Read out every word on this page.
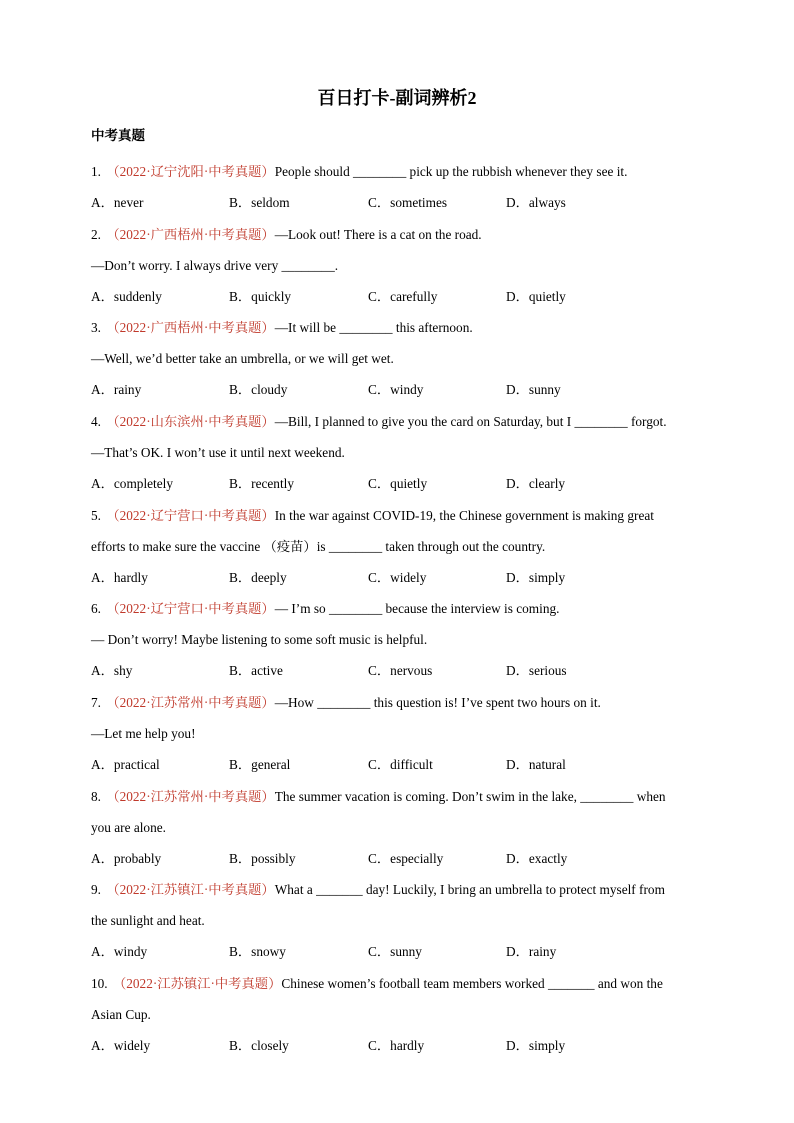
百日打卡-副词辨析2
中考真题
1. （2022·辽宁沈阳·中考真题）People should ________ pick up the rubbish whenever they see it.
A．never	B．seldom	C．sometimes	D．always
2. （2022·广西梧州·中考真题）—Look out! There is a cat on the road.
—Don’t worry. I always drive very ________.
A．suddenly	B．quickly	C．carefully	D．quietly
3. （2022·广西梧州·中考真题）—It will be ________ this afternoon.
—Well, we’d better take an umbrella, or we will get wet.
A．rainy	B．cloudy	C．windy	D．sunny
4. （2022·山东滨州·中考真题）—Bill, I planned to give you the card on Saturday, but I ________ forgot.
—That’s OK. I won’t use it until next weekend.
A．completely	B．recently	C．quietly	D．clearly
5. （2022·辽宁营口·中考真题）In the war against COVID-19, the Chinese government is making great
efforts to make sure the vaccine （疫苗）is ________ taken through out the country.
A．hardly	B．deeply	C．widely	D．simply
6. （2022·辽宁营口·中考真题）— I’m so ________ because the interview is coming.
— Don’t worry! Maybe listening to some soft music is helpful.
A．shy	B．active	C．nervous	D．serious
7. （2022·江苏常州·中考真题）—How ________ this question is! I’ve spent two hours on it.
—Let me help you!
A．practical	B．general	C．difficult	D．natural
8. （2022·江苏常州·中考真题）The summer vacation is coming. Don’t swim in the lake, ________ when
you are alone.
A．probably	B．possibly	C．especially	D．exactly
9. （2022·江苏镇江·中考真题）What a _______ day! Luckily, I bring an umbrella to protect myself from
the sunlight and heat.
A．windy	B．snowy	C．sunny	D．rainy
10. （2022·江苏镇江·中考真题）Chinese women’s football team members worked _______ and won the
Asian Cup.
A．widely	B．closely	C．hardly	D．simply
